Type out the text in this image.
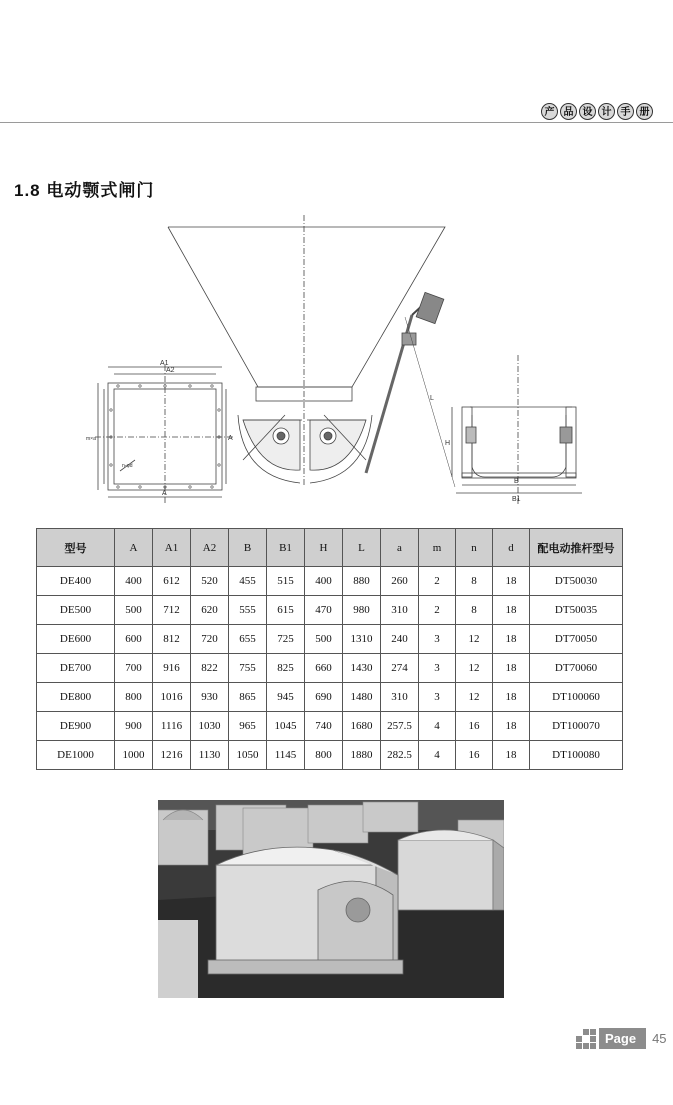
产 品 设 计 手 册
1.8 电动颚式闸门
A1
A2
A
A
n-φd
m×a
L
H
B
B1
型号	A	A1	A2	B	B1	H	L	a	m	n	d	配电动推杆型号
DE400	400	612	520	455	515	400	880	260	2	8	18	DT50030
DE500	500	712	620	555	615	470	980	310	2	8	18	DT50035
DE600	600	812	720	655	725	500	1310	240	3	12	18	DT70050
DE700	700	916	822	755	825	660	1430	274	3	12	18	DT70060
DE800	800	1016	930	865	945	690	1480	310	3	12	18	DT100060
DE900	900	1116	1030	965	1045	740	1680	257.5	4	16	18	DT100070
DE1000	1000	1216	1130	1050	1145	800	1880	282.5	4	16	18	DT100080
Page	45
